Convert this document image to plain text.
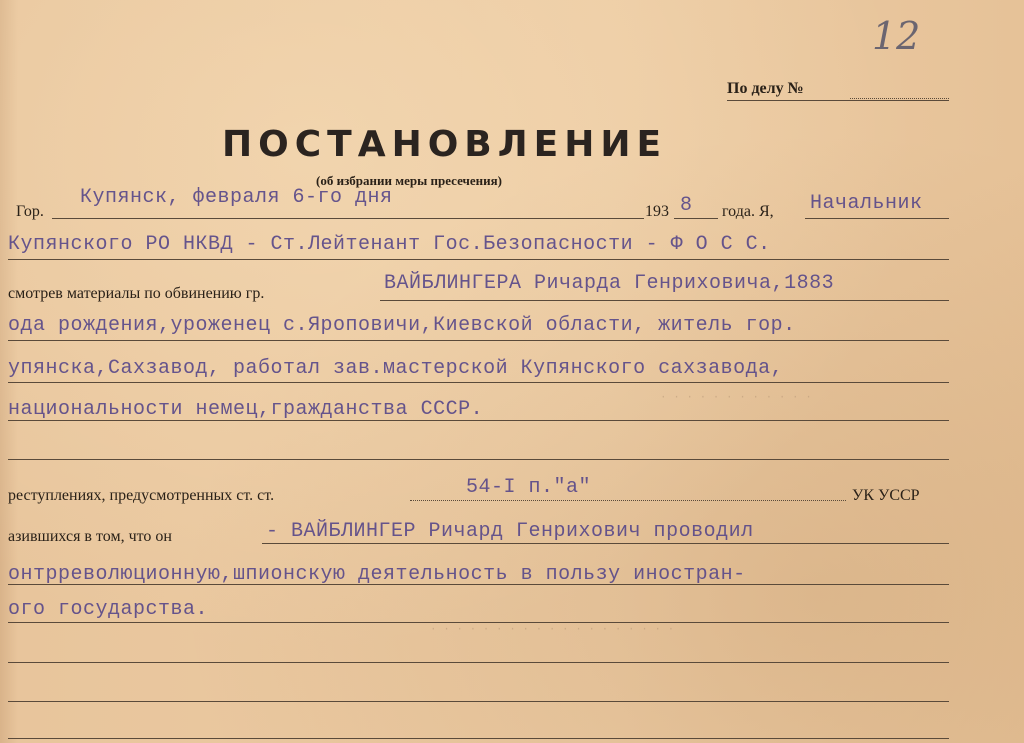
12
По делу №
ПОСТАНОВЛЕНИЕ
(об избрании меры пресечения)
Гор.
Купянск, февраля 6-го дня
193 8 года. Я, Начальник
Купянского РО НКВД - Ст.Лейтенант Гос.Безопасности - Ф О С С.
смотрев материалы по обвинению гр.	ВАЙБЛИНГЕРА Ричарда Генриховича,1883
ода рождения,уроженец с.Яроповичи,Киевской области, житель гор.
упянска,Сахзавод, работал зав.мастерской Купянского сахзавода,
национальности немец,гражданства СССР.
реступлениях, предусмотренных ст. ст.	54-I п."а"	УК УССР
азившихся в том, что он	- ВАЙБЛИНГЕР Ричард Генрихович проводил
онтрреволюционную,шпионскую деятельность в пользу иностран-
ого государства.
· · · · · · · · · · · ·
· · · · · · · · · · · · · · · · · · ·
